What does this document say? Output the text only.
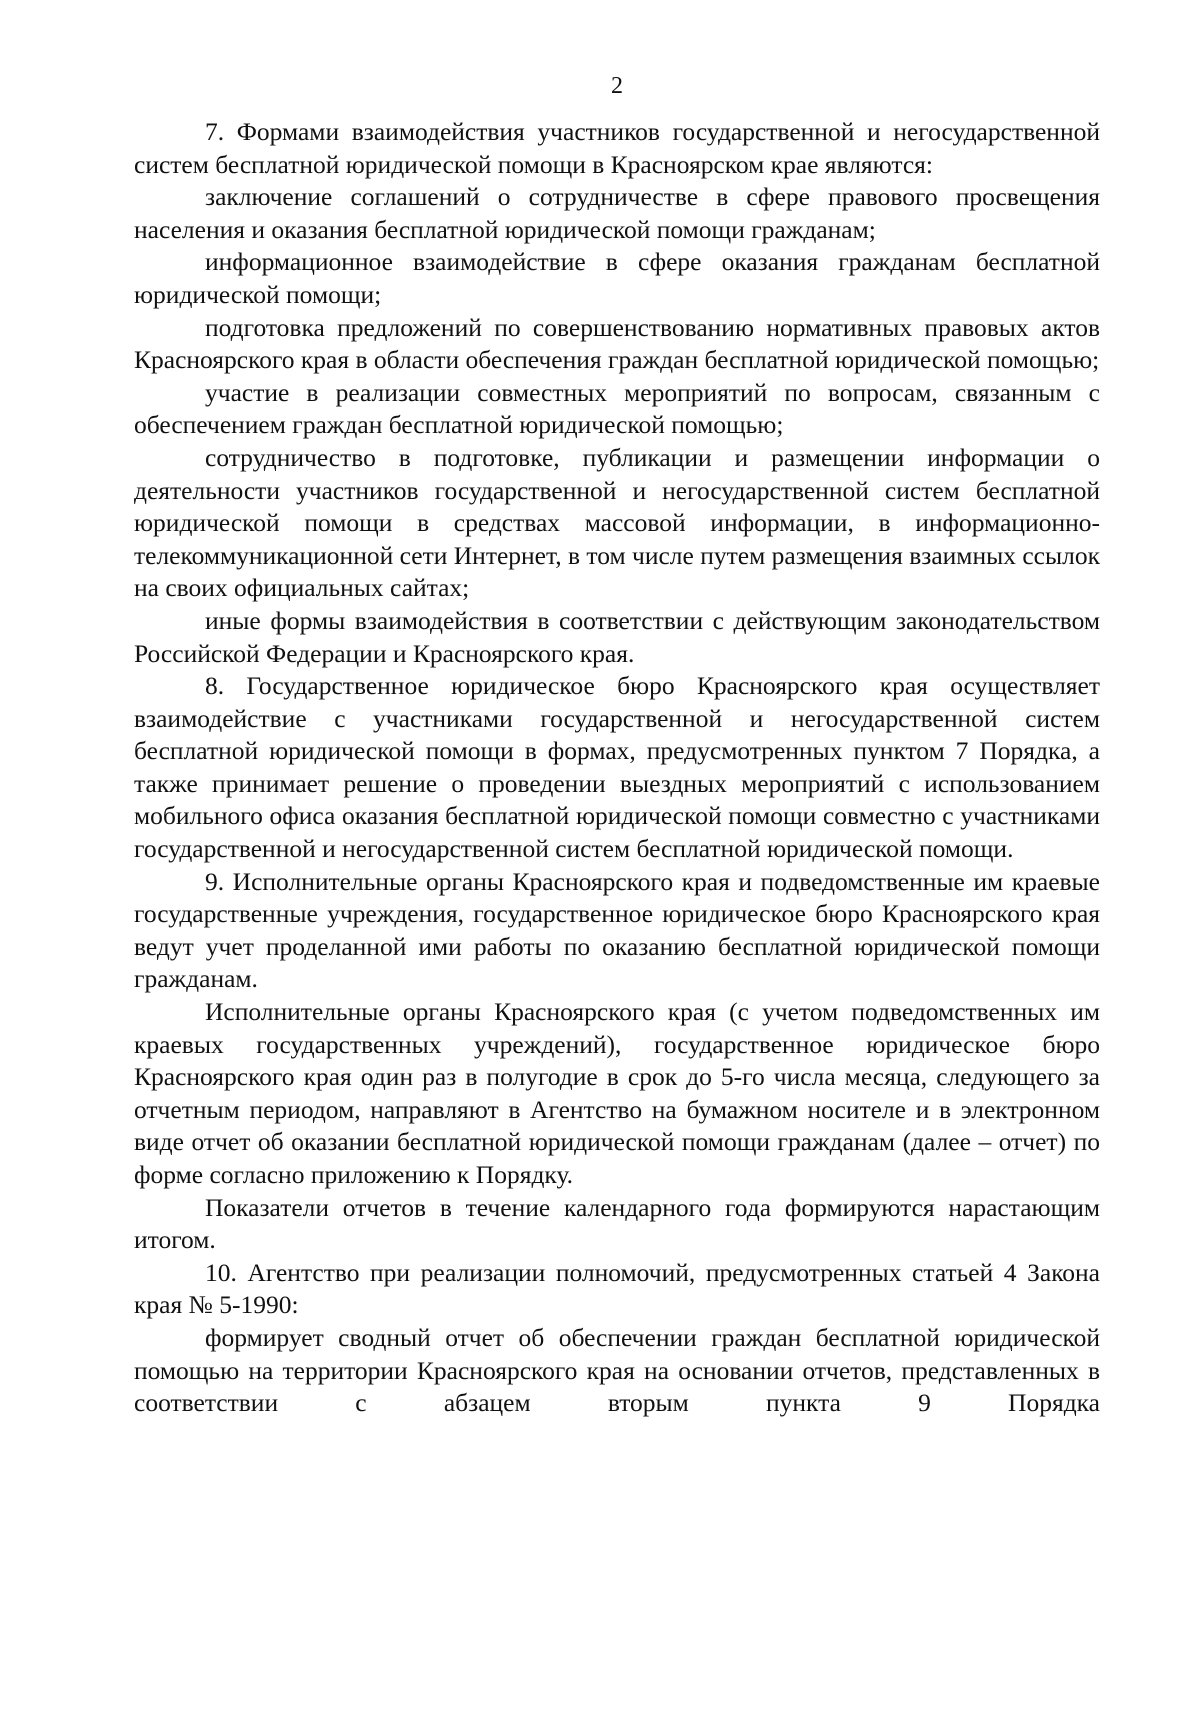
2

7. Формами взаимодействия участников государственной и негосударственной систем бесплатной юридической помощи в Красноярском крае являются:

заключение соглашений о сотрудничестве в сфере правового просвещения населения и оказания бесплатной юридической помощи гражданам;

информационное взаимодействие в сфере оказания гражданам бесплатной юридической помощи;

подготовка предложений по совершенствованию нормативных правовых актов Красноярского края в области обеспечения граждан бесплатной юридической помощью;

участие в реализации совместных мероприятий по вопросам, связанным с обеспечением граждан бесплатной юридической помощью;

сотрудничество в подготовке, публикации и размещении информации о деятельности участников государственной и негосударственной систем бесплатной юридической помощи в средствах массовой информации, в информационно-телекоммуникационной сети Интернет, в том числе путем размещения взаимных ссылок на своих официальных сайтах;

иные формы взаимодействия в соответствии с действующим законодательством Российской Федерации и Красноярского края.

8. Государственное юридическое бюро Красноярского края осуществляет взаимодействие с участниками государственной и негосударственной систем бесплатной юридической помощи в формах, предусмотренных пунктом 7 Порядка, а также принимает решение о проведении выездных мероприятий с использованием мобильного офиса оказания бесплатной юридической помощи совместно с участниками государственной и негосударственной систем бесплатной юридической помощи.

9. Исполнительные органы Красноярского края и подведомственные им краевые государственные учреждения, государственное юридическое бюро Красноярского края ведут учет проделанной ими работы по оказанию бесплатной юридической помощи гражданам.

Исполнительные органы Красноярского края (с учетом подведомственных им краевых государственных учреждений), государственное юридическое бюро Красноярского края один раз в полугодие в срок до 5-го числа месяца, следующего за отчетным периодом, направляют в Агентство на бумажном носителе и в электронном виде отчет об оказании бесплатной юридической помощи гражданам (далее – отчет) по форме согласно приложению к Порядку.

Показатели отчетов в течение календарного года формируются нарастающим итогом.

10. Агентство при реализации полномочий, предусмотренных статьей 4 Закона края № 5-1990:

формирует сводный отчет об обеспечении граждан бесплатной юридической помощью на территории Красноярского края на основании отчетов, представленных в соответствии с абзацем вторым пункта 9 Порядка
